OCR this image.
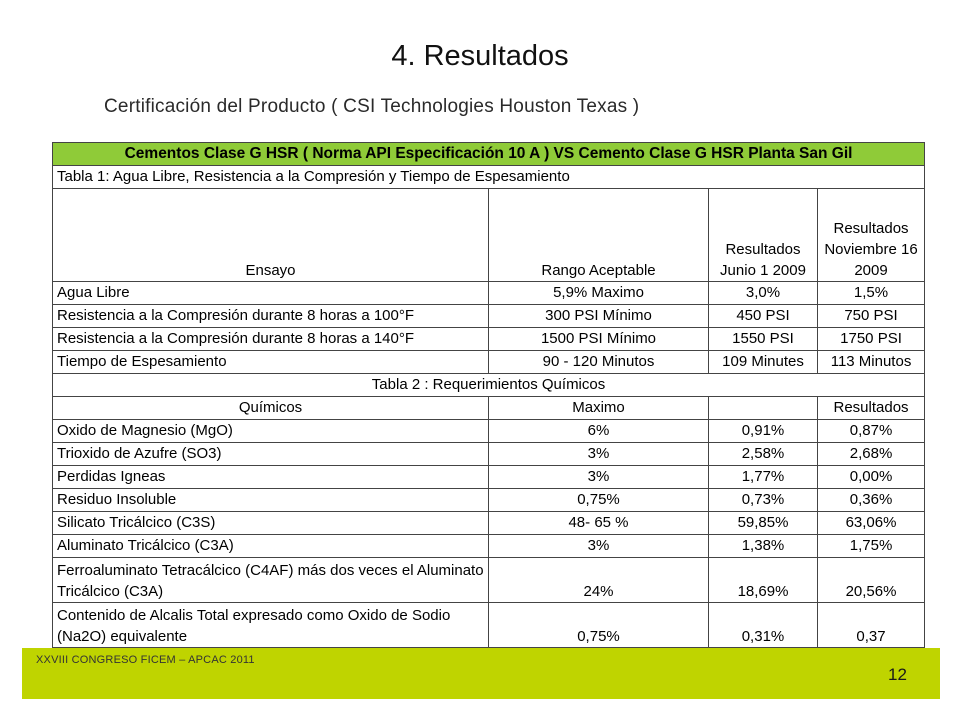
4. Resultados
Certificación del Producto ( CSI Technologies Houston Texas )
Cementos Clase G HSR ( Norma API Especificación 10 A ) VS Cemento Clase G HSR Planta San Gil			
Tabla 1: Agua Libre, Resistencia a la Compresión y Tiempo de Espesamiento			
Ensayo	Rango Aceptable	Resultados Junio 1 2009	Resultados Noviembre 16 2009
Agua Libre	5,9% Maximo	3,0%	1,5%
Resistencia a la Compresión durante 8 horas a 100°F	300 PSI Mínimo	450 PSI	750 PSI
Resistencia a la Compresión durante 8 horas a 140°F	1500 PSI Mínimo	1550 PSI	1750 PSI
Tiempo de Espesamiento	90 - 120 Minutos	109 Minutes	113 Minutos
Tabla 2 : Requerimientos Químicos			
Químicos	Maximo		Resultados
Oxido de Magnesio (MgO)	6%	0,91%	0,87%
Trioxido de Azufre (SO3)	3%	2,58%	2,68%
Perdidas Igneas	3%	1,77%	0,00%
Residuo Insoluble	0,75%	0,73%	0,36%
Silicato Tricálcico (C3S)	48- 65 %	59,85%	63,06%
Aluminato Tricálcico (C3A)	3%	1,38%	1,75%
Ferroaluminato Tetracálcico (C4AF) más dos veces el Aluminato Tricálcico (C3A)	24%	18,69%	20,56%
Contenido de Alcalis Total expresado como Oxido de Sodio (Na2O) equivalente	0,75%	0,31%	0,37
XXVIII CONGRESO FICEM – APCAC 2011
12
